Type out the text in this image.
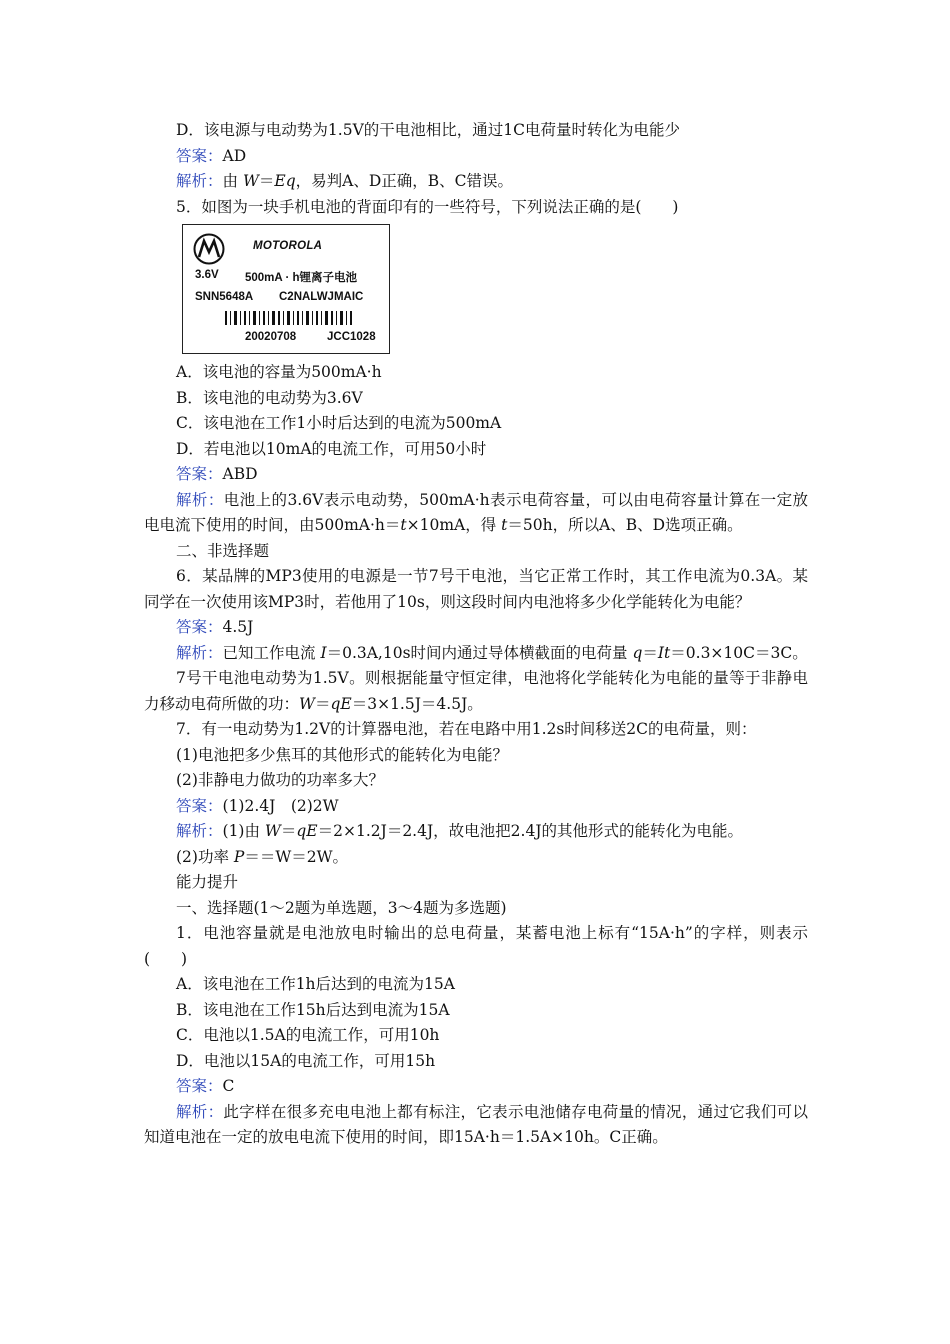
D．该电源与电动势为1.5V的干电池相比，通过1C电荷量时转化为电能少
答案：AD
解析：由 W＝Eq，易判A、D正确，B、C错误。
5．如图为一块手机电池的背面印有的一些符号，下列说法正确的是(　　)
MOTOROLA
3.6V 500mA · h锂离子电池
SNN5648A C2NALWJMAIC
20020708	JCC1028
A．该电池的容量为500mA·h
B．该电池的电动势为3.6V
C．该电池在工作1小时后达到的电流为500mA
D．若电池以10mA的电流工作，可用50小时
答案：ABD
解析：电池上的3.6V表示电动势，500mA·h表示电荷容量，可以由电荷容量计算在一定放电电流下使用的时间，由500mA·h＝t×10mA，得 t＝50h，所以A、B、D选项正确。
二、非选择题
6．某品牌的MP3使用的电源是一节7号干电池，当它正常工作时，其工作电流为0.3A。某同学在一次使用该MP3时，若他用了10s，则这段时间内电池将多少化学能转化为电能？
答案：4.5J
解析：已知工作电流 I＝0.3A,10s时间内通过导体横截面的电荷量 q＝It＝0.3×10C＝3C。
7号干电池电动势为1.5V。则根据能量守恒定律，电池将化学能转化为电能的量等于非静电力移动电荷所做的功：W＝qE＝3×1.5J＝4.5J。
7．有一电动势为1.2V的计算器电池，若在电路中用1.2s时间移送2C的电荷量，则：
(1)电池把多少焦耳的其他形式的能转化为电能？
(2)非静电力做功的功率多大？
答案：(1)2.4J　(2)2W
解析：(1)由 W＝qE＝2×1.2J＝2.4J，故电池把2.4J的其他形式的能转化为电能。
(2)功率 P＝＝W＝2W。
能力提升
一、选择题(1～2题为单选题，3～4题为多选题)
1．电池容量就是电池放电时输出的总电荷量，某蓄电池上标有“15A·h”的字样，则表示(　　)
A．该电池在工作1h后达到的电流为15A
B．该电池在工作15h后达到电流为15A
C．电池以1.5A的电流工作，可用10h
D．电池以15A的电流工作，可用15h
答案：C
解析：此字样在很多充电电池上都有标注，它表示电池储存电荷量的情况，通过它我们可以知道电池在一定的放电电流下使用的时间，即15A·h＝1.5A×10h。C正确。
